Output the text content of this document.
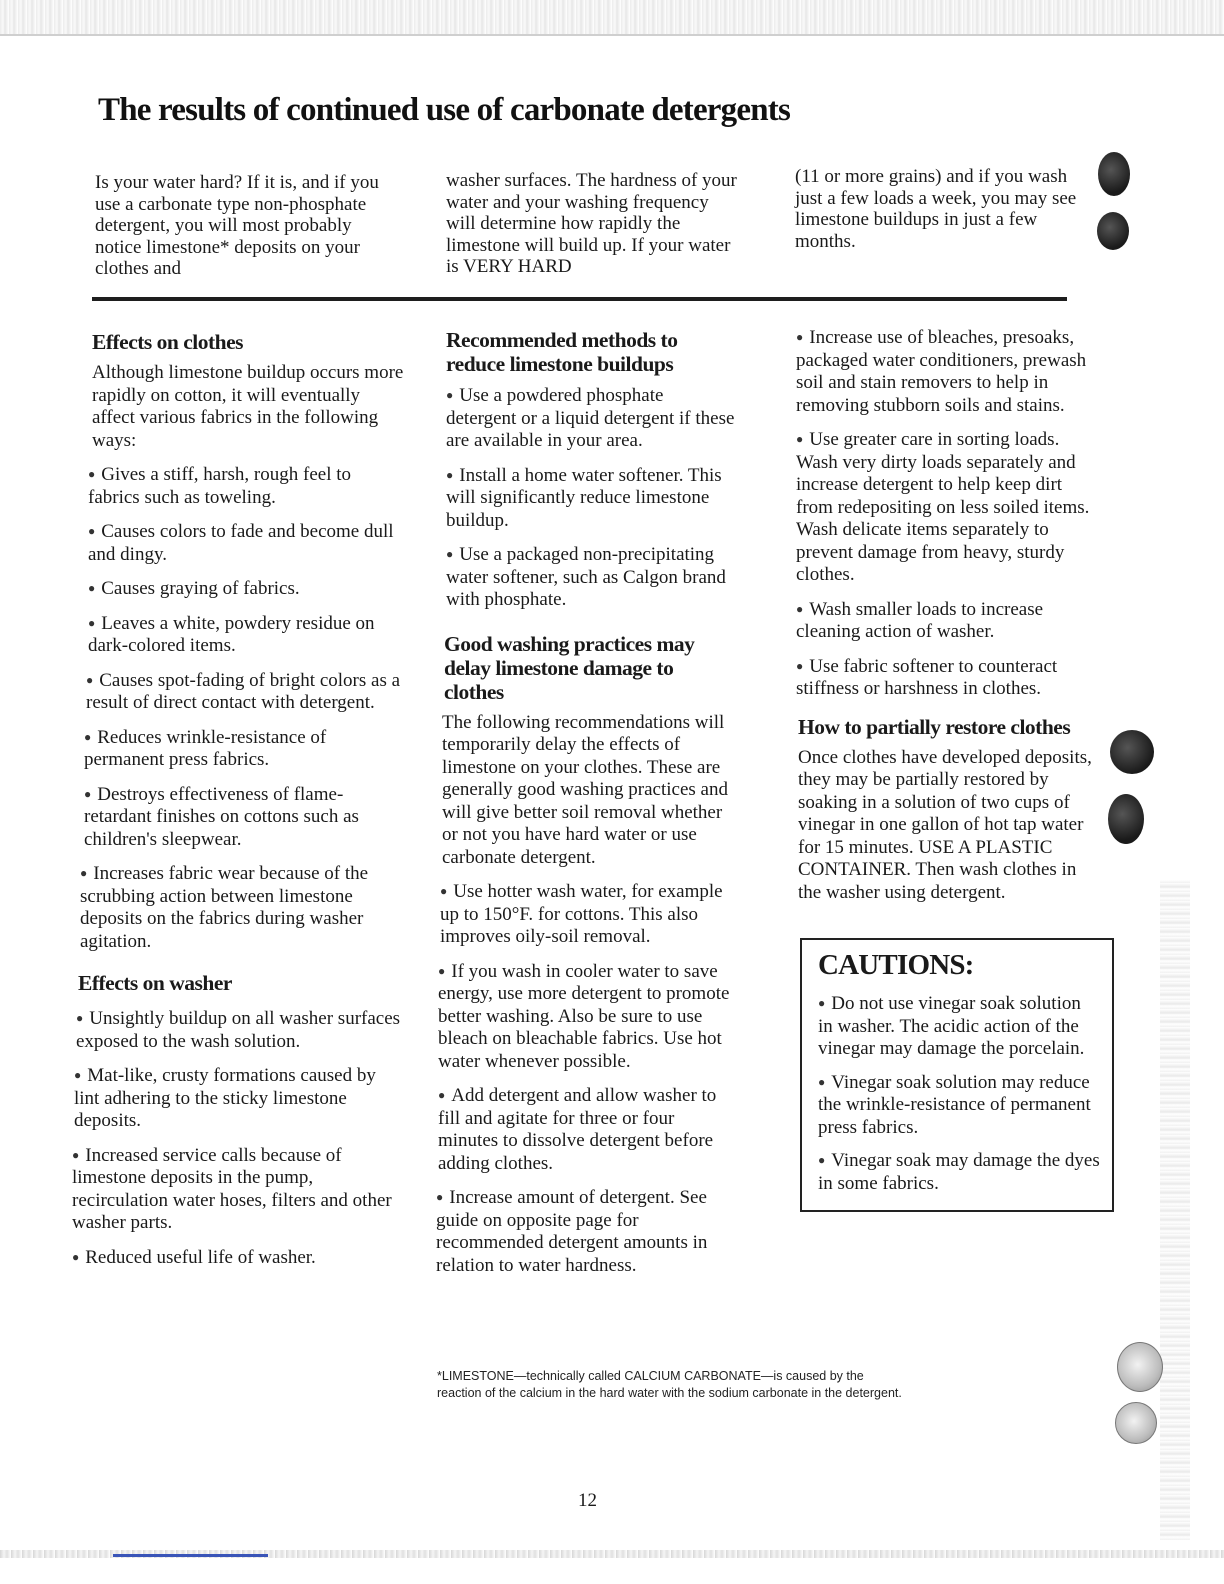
The results of continued use of carbonate detergents
Is your water hard? If it is, and if you use a carbonate type non-phosphate detergent, you will most probably notice limestone* deposits on your clothes and
washer surfaces. The hardness of your water and your washing frequency will determine how rapidly the limestone will build up. If your water is VERY HARD
(11 or more grains) and if you wash just a few loads a week, you may see limestone buildups in just a few months.
Effects on clothes

Although limestone buildup occurs more rapidly on cotton, it will eventually affect various fabrics in the following ways:

● Gives a stiff, harsh, rough feel to fabrics such as toweling.
● Causes colors to fade and become dull and dingy.
● Causes graying of fabrics.
● Leaves a white, powdery residue on dark-colored items.
● Causes spot-fading of bright colors as a result of direct contact with detergent.
● Reduces wrinkle-resistance of permanent press fabrics.
● Destroys effectiveness of flame-retardant finishes on cottons such as children's sleepwear.
● Increases fabric wear because of the scrubbing action between limestone deposits on the fabrics during washer agitation.
Effects on washer
● Unsightly buildup on all washer surfaces exposed to the wash solution.
● Mat-like, crusty formations caused by lint adhering to the sticky limestone deposits.
● Increased service calls because of limestone deposits in the pump, recirculation water hoses, filters and other washer parts.
● Reduced useful life of washer.
Recommended methods to reduce limestone buildups
● Use a powdered phosphate detergent or a liquid detergent if these are available in your area.
● Install a home water softener. This will significantly reduce limestone buildup.
● Use a packaged non-precipitating water softener, such as Calgon brand with phosphate.
Good washing practices may delay limestone damage to clothes

The following recommendations will temporarily delay the effects of limestone on your clothes. These are generally good washing practices and will give better soil removal whether or not you have hard water or use carbonate detergent.

● Use hotter wash water, for example up to 150°F. for cottons. This also improves oily-soil removal.
● If you wash in cooler water to save energy, use more detergent to promote better washing. Also be sure to use bleach on bleachable fabrics. Use hot water whenever possible.
● Add detergent and allow washer to fill and agitate for three or four minutes to dissolve detergent before adding clothes.
● Increase amount of detergent. See guide on opposite page for recommended detergent amounts in relation to water hardness.
● Increase use of bleaches, presoaks, packaged water conditioners, prewash soil and stain removers to help in removing stubborn soils and stains.
● Use greater care in sorting loads. Wash very dirty loads separately and increase detergent to help keep dirt from redepositing on less soiled items. Wash delicate items separately to prevent damage from heavy, sturdy clothes.
● Wash smaller loads to increase cleaning action of washer.
● Use fabric softener to counteract stiffness or harshness in clothes.
How to partially restore clothes

Once clothes have developed deposits, they may be partially restored by soaking in a solution of two cups of vinegar in one gallon of hot tap water for 15 minutes. USE A PLASTIC CONTAINER. Then wash clothes in the washer using detergent.

CAUTIONS:
● Do not use vinegar soak solution in washer. The acidic action of the vinegar may damage the porcelain.
● Vinegar soak solution may reduce the wrinkle-resistance of permanent press fabrics.
● Vinegar soak may damage the dyes in some fabrics.
*LIMESTONE—technically called CALCIUM CARBONATE—is caused by the
reaction of the calcium in the hard water with the sodium carbonate in the detergent.
12
